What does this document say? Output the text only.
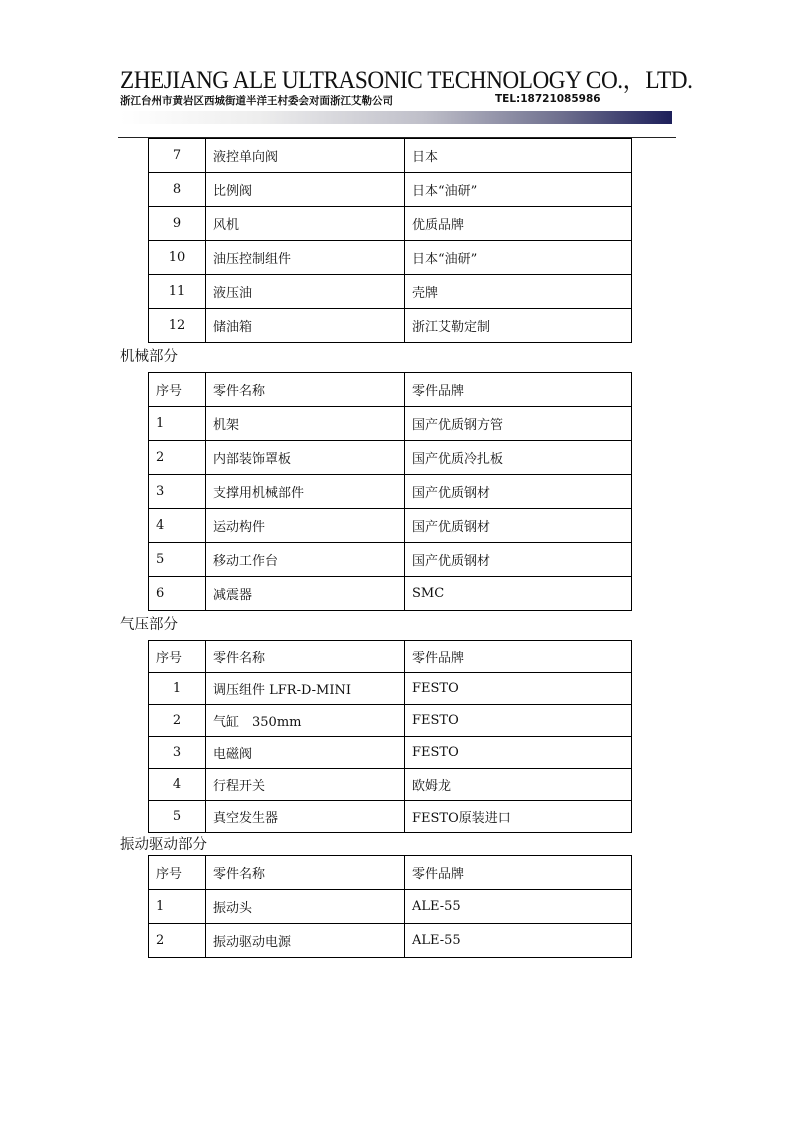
ZHEJIANG ALE ULTRASONIC TECHNOLOGY CO.，LTD.
浙江台州市黄岩区西城街道半洋王村委会对面浙江艾勒公司	TEL:18721085986
7	液控单向阀	日本
8	比例阀	日本“油研”
9	风机	优质品牌
10	油压控制组件	日本“油研”
11	液压油	壳牌
12	储油箱	浙江艾勒定制
机械部分
序号	零件名称	零件品牌
1	机架	国产优质钢方管
2	内部装饰罩板	国产优质冷扎板
3	支撑用机械部件	国产优质钢材
4	运动构件	国产优质钢材
5	移动工作台	国产优质钢材
6	减震器	SMC
气压部分
序号	零件名称	零件品牌
1	调压组件 LFR-D-MINI	FESTO
2	气缸　350mm	FESTO
3	电磁阀	FESTO
4	行程开关	欧姆龙
5	真空发生器	FESTO原装进口
振动驱动部分
序号	零件名称	零件品牌
1	振动头	ALE-55
2	振动驱动电源	ALE-55
